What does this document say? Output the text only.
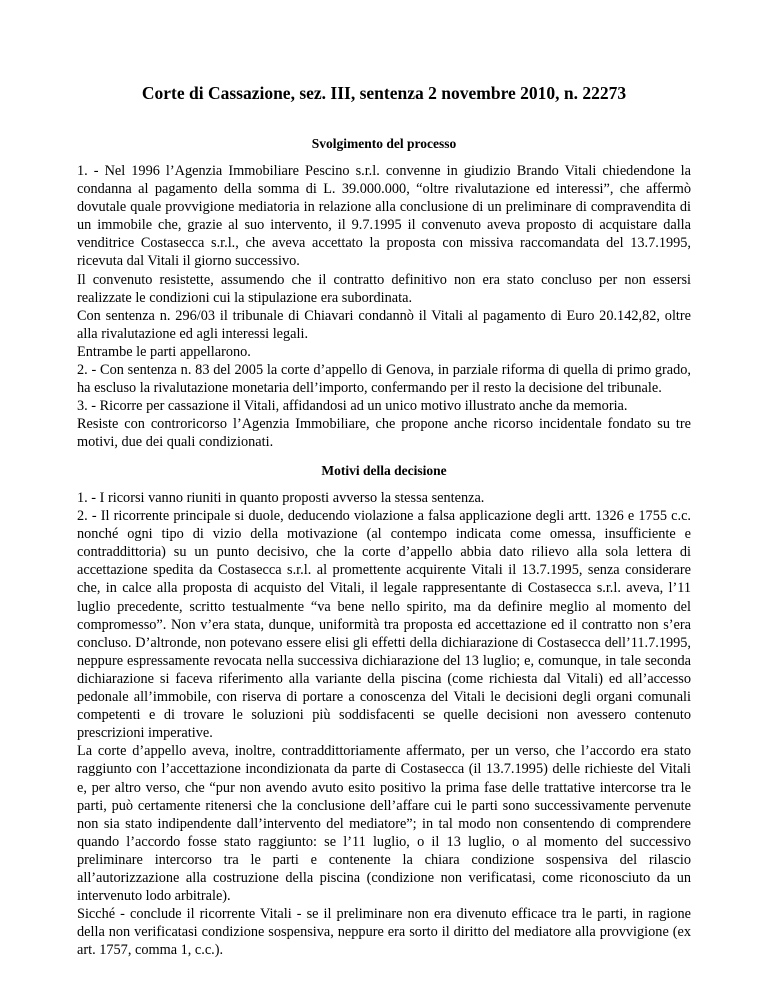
Corte di Cassazione, sez. III, sentenza 2 novembre 2010, n. 22273
Svolgimento del processo

1. - Nel 1996 l’Agenzia Immobiliare Pescino s.r.l. convenne in giudizio Brando Vitali chiedendone la condanna al pagamento della somma di L. 39.000.000, “oltre rivalutazione ed interessi”, che affermò dovutale quale provvigione mediatoria in relazione alla conclusione di un preliminare di compravendita di un immobile che, grazie al suo intervento, il 9.7.1995 il convenuto aveva proposto di acquistare dalla venditrice Costasecca s.r.l., che aveva accettato la proposta con missiva raccomandata del 13.7.1995, ricevuta dal Vitali il giorno successivo.

Il convenuto resistette, assumendo che il contratto definitivo non era stato concluso per non essersi realizzate le condizioni cui la stipulazione era subordinata.

Con sentenza n. 296/03 il tribunale di Chiavari condannò il Vitali al pagamento di Euro 20.142,82, oltre alla rivalutazione ed agli interessi legali.

Entrambe le parti appellarono.

2. - Con sentenza n. 83 del 2005 la corte d’appello di Genova, in parziale riforma di quella di primo grado, ha escluso la rivalutazione monetaria dell’importo, confermando per il resto la decisione del tribunale.

3. - Ricorre per cassazione il Vitali, affidandosi ad un unico motivo illustrato anche da memoria.

Resiste con controricorso l’Agenzia Immobiliare, che propone anche ricorso incidentale fondato su tre motivi, due dei quali condizionati.

Motivi della decisione

1. - I ricorsi vanno riuniti in quanto proposti avverso la stessa sentenza.

2. - Il ricorrente principale si duole, deducendo violazione a falsa applicazione degli artt. 1326 e 1755 c.c. nonché ogni tipo di vizio della motivazione (al contempo indicata come omessa, insufficiente e contraddittoria) su un punto decisivo, che la corte d’appello abbia dato rilievo alla sola lettera di accettazione spedita da Costasecca s.r.l. al promettente acquirente Vitali il 13.7.1995, senza considerare che, in calce alla proposta di acquisto del Vitali, il legale rappresentante di Costasecca s.r.l. aveva, l’11 luglio precedente, scritto testualmente “va bene nello spirito, ma da definire meglio al momento del compromesso”. Non v’era stata, dunque, uniformità tra proposta ed accettazione ed il contratto non s’era concluso. D’altronde, non potevano essere elisi gli effetti della dichiarazione di Costasecca dell’11.7.1995, neppure espressamente revocata nella successiva dichiarazione del 13 luglio; e, comunque, in tale seconda dichiarazione si faceva riferimento alla variante della piscina (come richiesta dal Vitali) ed all’accesso pedonale all’immobile, con riserva di portare a conoscenza del Vitali le decisioni degli organi comunali competenti e di trovare le soluzioni più soddisfacenti se quelle decisioni non avessero contenuto prescrizioni imperative.

La corte d’appello aveva, inoltre, contraddittoriamente affermato, per un verso, che l’accordo era stato raggiunto con l’accettazione incondizionata da parte di Costasecca (il 13.7.1995) delle richieste del Vitali e, per altro verso, che “pur non avendo avuto esito positivo la prima fase delle trattative intercorse tra le parti, può certamente ritenersi che la conclusione dell’affare cui le parti sono successivamente pervenute non sia stato indipendente dall’intervento del mediatore”; in tal modo non consentendo di comprendere quando l’accordo fosse stato raggiunto: se l’11 luglio, o il 13 luglio, o al momento del successivo preliminare intercorso tra le parti e contenente la chiara condizione sospensiva del rilascio all’autorizzazione alla costruzione della piscina (condizione non verificatasi, come riconosciuto da un intervenuto lodo arbitrale).

Sicché - conclude il ricorrente Vitali - se il preliminare non era divenuto efficace tra le parti, in ragione della non verificatasi condizione sospensiva, neppure era sorto il diritto del mediatore alla provvigione (ex art. 1757, comma 1, c.c.).
